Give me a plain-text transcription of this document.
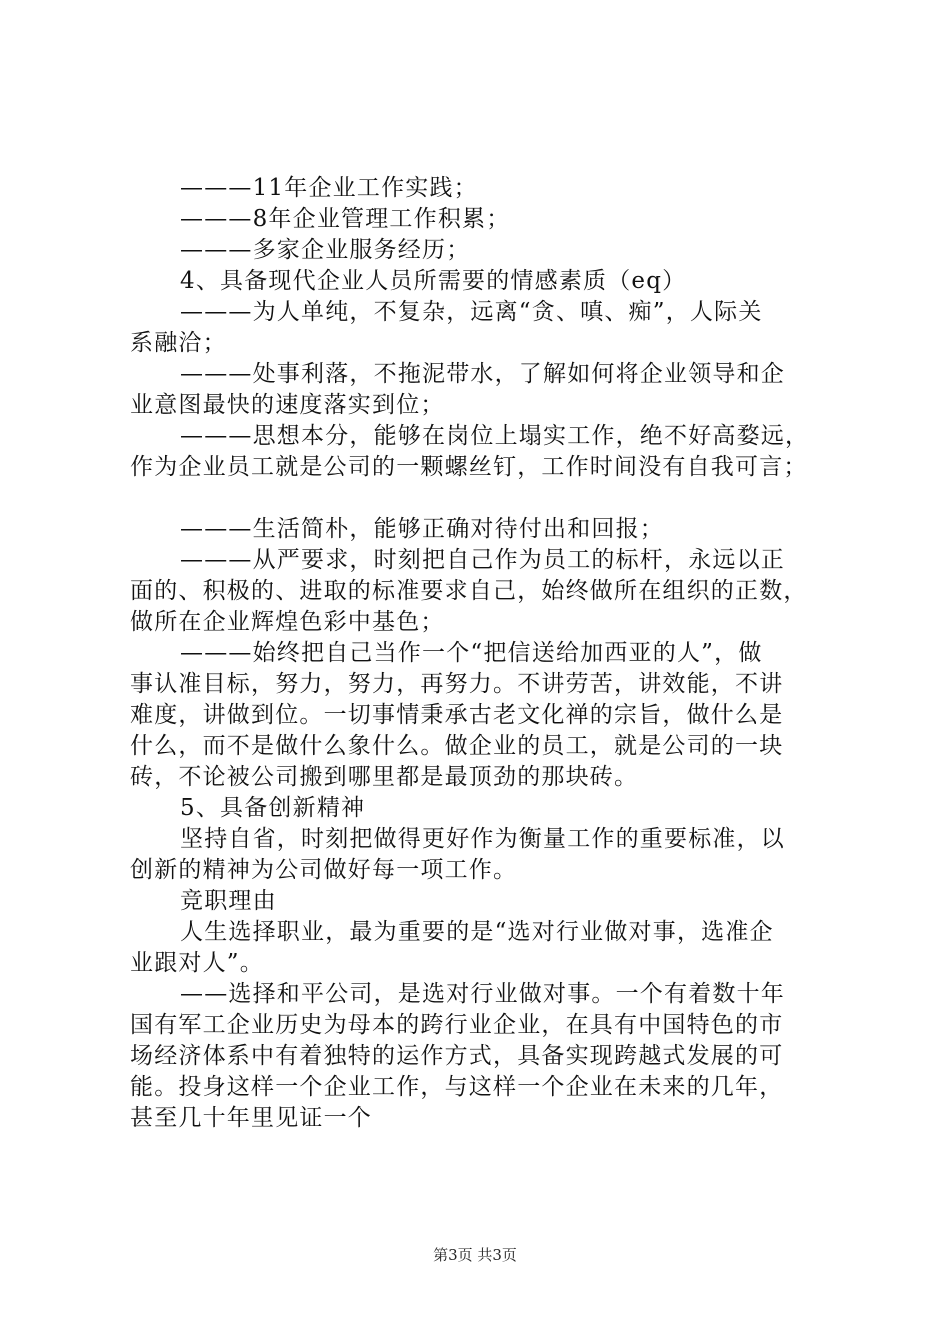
———11年企业工作实践；
———8年企业管理工作积累；
———多家企业服务经历；
4、具备现代企业人员所需要的情感素质（eq）
———为人单纯，不复杂，远离“贪、嗔、痴”，人际关
系融洽；
———处事利落，不拖泥带水，了解如何将企业领导和企
业意图最快的速度落实到位；
———思想本分，能够在岗位上塌实工作，绝不好高婺远，
作为企业员工就是公司的一颗螺丝钉，工作时间没有自我可言；
———生活简朴，能够正确对待付出和回报；
———从严要求，时刻把自己作为员工的标杆，永远以正
面的、积极的、进取的标准要求自己，始终做所在组织的正数，
做所在企业辉煌色彩中基色；
———始终把自己当作一个“把信送给加西亚的人”，做
事认准目标，努力，努力，再努力。不讲劳苦，讲效能，不讲
难度，讲做到位。一切事情秉承古老文化禅的宗旨，做什么是
什么，而不是做什么象什么。做企业的员工，就是公司的一块
砖，不论被公司搬到哪里都是最顶劲的那块砖。
5、具备创新精神
坚持自省，时刻把做得更好作为衡量工作的重要标准，以
创新的精神为公司做好每一项工作。
竞职理由
人生选择职业，最为重要的是“选对行业做对事，选准企
业跟对人”。
——选择和平公司，是选对行业做对事。一个有着数十年
国有军工企业历史为母本的跨行业企业，在具有中国特色的市
场经济体系中有着独特的运作方式，具备实现跨越式发展的可
能。投身这样一个企业工作，与这样一个企业在未来的几年，
甚至几十年里见证一个
第3页 共3页
